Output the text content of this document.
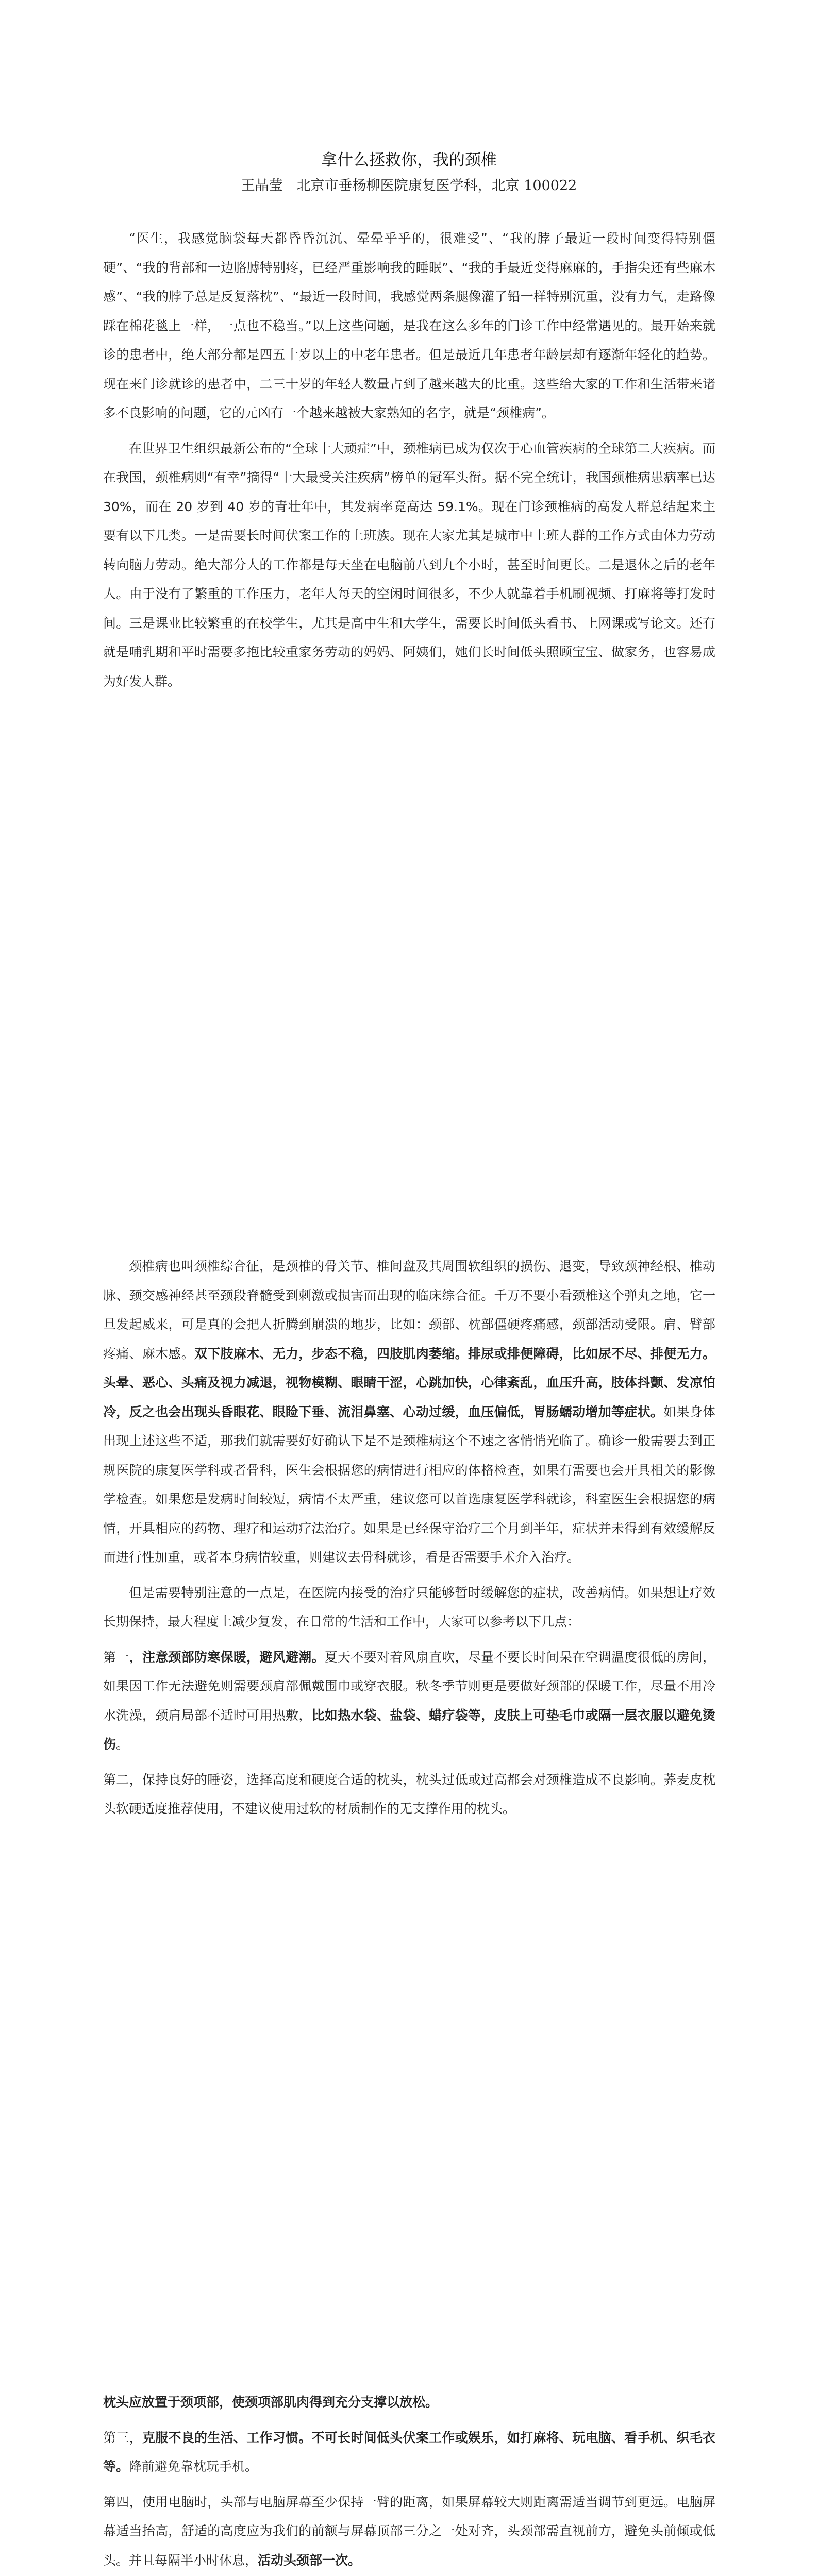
拿什么拯救你，我的颈椎
王晶莹　北京市垂杨柳医院康复医学科，北京 100022

“医生，我感觉脑袋每天都昏昏沉沉、晕晕乎乎的，很难受”、“我的脖子最近一段时间变得特别僵硬”、“我的背部和一边胳膊特别疼，已经严重影响我的睡眠”、“我的手最近变得麻麻的，手指尖还有些麻木感”、“我的脖子总是反复落枕”、“最近一段时间，我感觉两条腿像灌了铅一样特别沉重，没有力气，走路像踩在棉花毯上一样，一点也不稳当。”以上这些问题，是我在这么多年的门诊工作中经常遇见的。最开始来就诊的患者中，绝大部分都是四五十岁以上的中老年患者。但是最近几年患者年龄层却有逐渐年轻化的趋势。现在来门诊就诊的患者中，二三十岁的年轻人数量占到了越来越大的比重。这些给大家的工作和生活带来诸多不良影响的问题，它的元凶有一个越来越被大家熟知的名字，就是“颈椎病”。

在世界卫生组织最新公布的“全球十大顽症”中，颈椎病已成为仅次于心血管疾病的全球第二大疾病。而在我国，颈椎病则“有幸”摘得“十大最受关注疾病”榜单的冠军头衔。据不完全统计，我国颈椎病患病率已达 30%，而在 20 岁到 40 岁的青壮年中，其发病率竟高达 59.1%。现在门诊颈椎病的高发人群总结起来主要有以下几类。一是需要长时间伏案工作的上班族。现在大家尤其是城市中上班人群的工作方式由体力劳动转向脑力劳动。绝大部分人的工作都是每天坐在电脑前八到九个小时，甚至时间更长。二是退休之后的老年人。由于没有了繁重的工作压力，老年人每天的空闲时间很多，不少人就靠着手机刷视频、打麻将等打发时间。三是课业比较繁重的在校学生，尤其是高中生和大学生，需要长时间低头看书、上网课或写论文。还有就是哺乳期和平时需要多抱比较重家务劳动的妈妈、阿姨们，她们长时间低头照顾宝宝、做家务，也容易成为好发人群。

颈椎病也叫颈椎综合征，是颈椎的骨关节、椎间盘及其周围软组织的损伤、退变，导致颈神经根、椎动脉、颈交感神经甚至颈段脊髓受到刺激或损害而出现的临床综合征。千万不要小看颈椎这个弹丸之地，它一旦发起威来，可是真的会把人折腾到崩溃的地步，比如：颈部、枕部僵硬疼痛感，颈部活动受限。肩、臂部疼痛、麻木感。双下肢麻木、无力，步态不稳，四肢肌肉萎缩。排尿或排便障碍，比如尿不尽、排便无力。头晕、恶心、头痛及视力减退，视物模糊、眼睛干涩，心跳加快，心律紊乱，血压升高，肢体抖颤、发凉怕冷，反之也会出现头昏眼花、眼睑下垂、流泪鼻塞、心动过缓，血压偏低，胃肠蠕动增加等症状。如果身体出现上述这些不适，那我们就需要好好确认下是不是颈椎病这个不速之客悄悄光临了。确诊一般需要去到正规医院的康复医学科或者骨科，医生会根据您的病情进行相应的体格检查，如果有需要也会开具相关的影像学检查。如果您是发病时间较短，病情不太严重，建议您可以首选康复医学科就诊，科室医生会根据您的病情，开具相应的药物、理疗和运动疗法治疗。如果是已经保守治疗三个月到半年，症状并未得到有效缓解反而进行性加重，或者本身病情较重，则建议去骨科就诊，看是否需要手术介入治疗。

但是需要特别注意的一点是，在医院内接受的治疗只能够暂时缓解您的症状，改善病情。如果想让疗效长期保持，最大程度上减少复发，在日常的生活和工作中，大家可以参考以下几点：

第一，注意颈部防寒保暖，避风避潮。夏天不要对着风扇直吹，尽量不要长时间呆在空调温度很低的房间，如果因工作无法避免则需要颈肩部佩戴围巾或穿衣服。秋冬季节则更是要做好颈部的保暖工作，尽量不用冷水洗澡，颈肩局部不适时可用热敷，比如热水袋、盐袋、蜡疗袋等，皮肤上可垫毛巾或隔一层衣服以避免烫伤。

第二，保持良好的睡姿，选择高度和硬度合适的枕头，枕头过低或过高都会对颈椎造成不良影响。荞麦皮枕头软硬适度推荐使用，不建议使用过软的材质制作的无支撑作用的枕头。

枕头应放置于颈项部，使颈项部肌肉得到充分支撑以放松。

第三，克服不良的生活、工作习惯。不可长时间低头伏案工作或娱乐，如打麻将、玩电脑、看手机、织毛衣等。降前避免靠枕玩手机。

第四，使用电脑时，头部与电脑屏幕至少保持一臂的距离，如果屏幕较大则距离需适当调节到更远。电脑屏幕适当抬高，舒适的高度应为我们的前额与屏幕顶部三分之一处对齐，头颈部需直视前方，避免头前倾或低头。并且每隔半小时休息，活动头颈部一次。
